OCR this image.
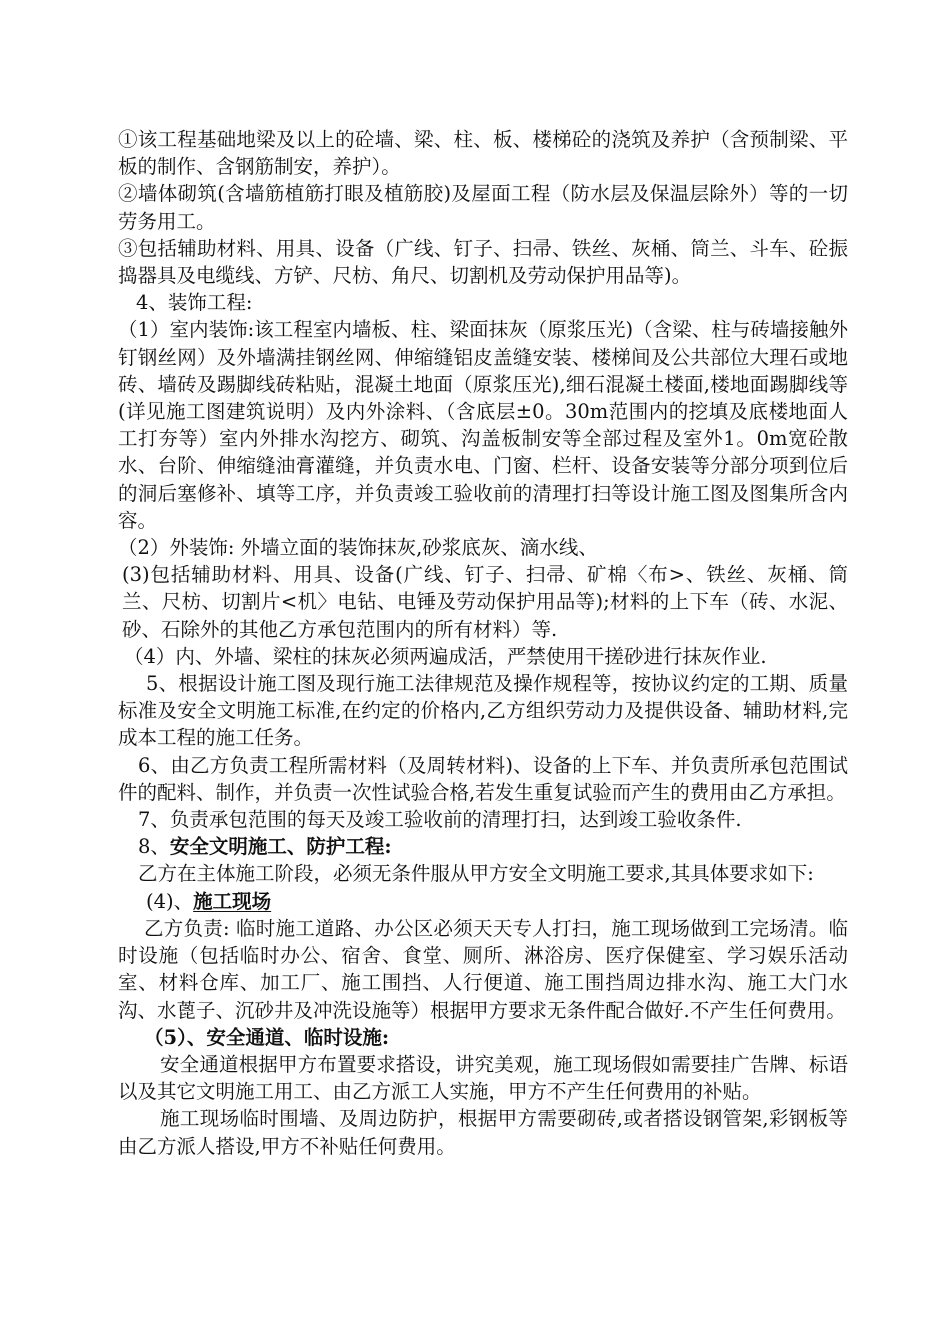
①该工程基础地梁及以上的砼墙、梁、柱、板、楼梯砼的浇筑及养护（含预制梁、平板的制作、含钢筋制安，养护）。

②墙体砌筑(含墙筋植筋打眼及植筋胶)及屋面工程（防水层及保温层除外）等的一切劳务用工。

③包括辅助材料、用具、设备（广线、钉子、扫帚、铁丝、灰桶、筒兰、斗车、砼振捣器具及电缆线、方铲、尺枋、角尺、切割机及劳动保护用品等)。

4、装饰工程:

（1）室内装饰:该工程室内墙板、柱、梁面抹灰（原浆压光)（含梁、柱与砖墙接触外钉钢丝网）及外墙满挂钢丝网、伸缩缝铝皮盖缝安装、楼梯间及公共部位大理石或地砖、墙砖及踢脚线砖粘贴，混凝土地面（原浆压光),细石混凝土楼面,楼地面踢脚线等(详见施工图建筑说明）及内外涂料、（含底层±0。30m范围内的挖填及底楼地面人工打夯等）室内外排水沟挖方、砌筑、沟盖板制安等全部过程及室外1。0m宽砼散水、台阶、伸缩缝油膏灌缝，并负责水电、门窗、栏杆、设备安装等分部分项到位后的洞后塞修补、填等工序，并负责竣工验收前的清理打扫等设计施工图及图集所含内容。

（2）外装饰: 外墙立面的装饰抹灰,砂浆底灰、滴水线、

(3)包括辅助材料、用具、设备(广线、钉子、扫帚、矿棉〈布>、铁丝、灰桶、筒兰、尺枋、切割片<机〉电钻、电锤及劳动保护用品等);材料的上下车（砖、水泥、砂、石除外的其他乙方承包范围内的所有材料）等.

（4）内、外墙、梁柱的抹灰必须两遍成活，严禁使用干搓砂进行抹灰作业.

5、根据设计施工图及现行施工法律规范及操作规程等，按协议约定的工期、质量标准及安全文明施工标准,在约定的价格内,乙方组织劳动力及提供设备、辅助材料,完成本工程的施工任务。

6、由乙方负责工程所需材料（及周转材料)、设备的上下车、并负责所承包范围试件的配料、制作，并负责一次性试验合格,若发生重复试验而产生的费用由乙方承担。

7、负责承包范围的每天及竣工验收前的清理打扫，达到竣工验收条件.

8、安全文明施工、防护工程:

乙方在主体施工阶段，必须无条件服从甲方安全文明施工要求,其具体要求如下:

(4)、施工现场

乙方负责: 临时施工道路、办公区必须天天专人打扫，施工现场做到工完场清。临时设施（包括临时办公、宿舍、食堂、厕所、淋浴房、医疗保健室、学习娱乐活动室、材料仓库、加工厂、施工围挡、人行便道、施工围挡周边排水沟、施工大门水沟、水蓖子、沉砂井及冲洗设施等）根据甲方要求无条件配合做好.不产生任何费用。

（5）、安全通道、临时设施:

安全通道根据甲方布置要求搭设，讲究美观，施工现场假如需要挂广告牌、标语以及其它文明施工用工、由乙方派工人实施，甲方不产生任何费用的补贴。

施工现场临时围墙、及周边防护，根据甲方需要砌砖,或者搭设钢管架,彩钢板等由乙方派人搭设,甲方不补贴任何费用。
